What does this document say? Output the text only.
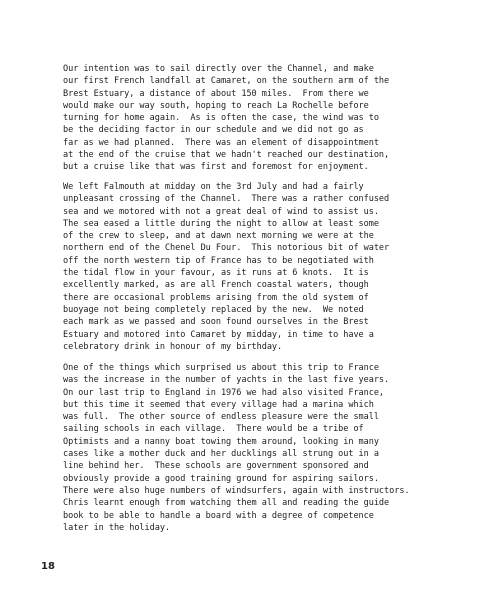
Our intention was to sail directly over the Channel, and make
our first French landfall at Camaret, on the southern arm of the
Brest Estuary, a distance of about 150 miles.  From there we
would make our way south, hoping to reach La Rochelle before
turning for home again.  As is often the case, the wind was to
be the deciding factor in our schedule and we did not go as
far as we had planned.  There was an element of disappointment
at the end of the cruise that we hadn't reached our destination,
but a cruise like that was first and foremost for enjoyment.
We left Falmouth at midday on the 3rd July and had a fairly
unpleasant crossing of the Channel.  There was a rather confused
sea and we motored with not a great deal of wind to assist us.
The sea eased a little during the night to allow at least some
of the crew to sleep, and at dawn next morning we were at the
northern end of the Chenel Du Four.  This notorious bit of water
off the north western tip of France has to be negotiated with
the tidal flow in your favour, as it runs at 6 knots.  It is
excellently marked, as are all French coastal waters, though
there are occasional problems arising from the old system of
buoyage not being completely replaced by the new.  We noted
each mark as we passed and soon found ourselves in the Brest
Estuary and motored into Camaret by midday, in time to have a
celebratory drink in honour of my birthday.
One of the things which surprised us about this trip to France
was the increase in the number of yachts in the last five years.
On our last trip to England in 1976 we had also visited France,
but this time it seemed that every village had a marina which
was full.  The other source of endless pleasure were the small
sailing schools in each village.  There would be a tribe of
Optimists and a nanny boat towing them around, looking in many
cases like a mother duck and her ducklings all strung out in a
line behind her.  These schools are government sponsored and
obviously provide a good training ground for aspiring sailors.
There were also huge numbers of windsurfers, again with instructors.
Chris learnt enough from watching them all and reading the guide
book to be able to handle a board with a degree of competence
later in the holiday.
18
